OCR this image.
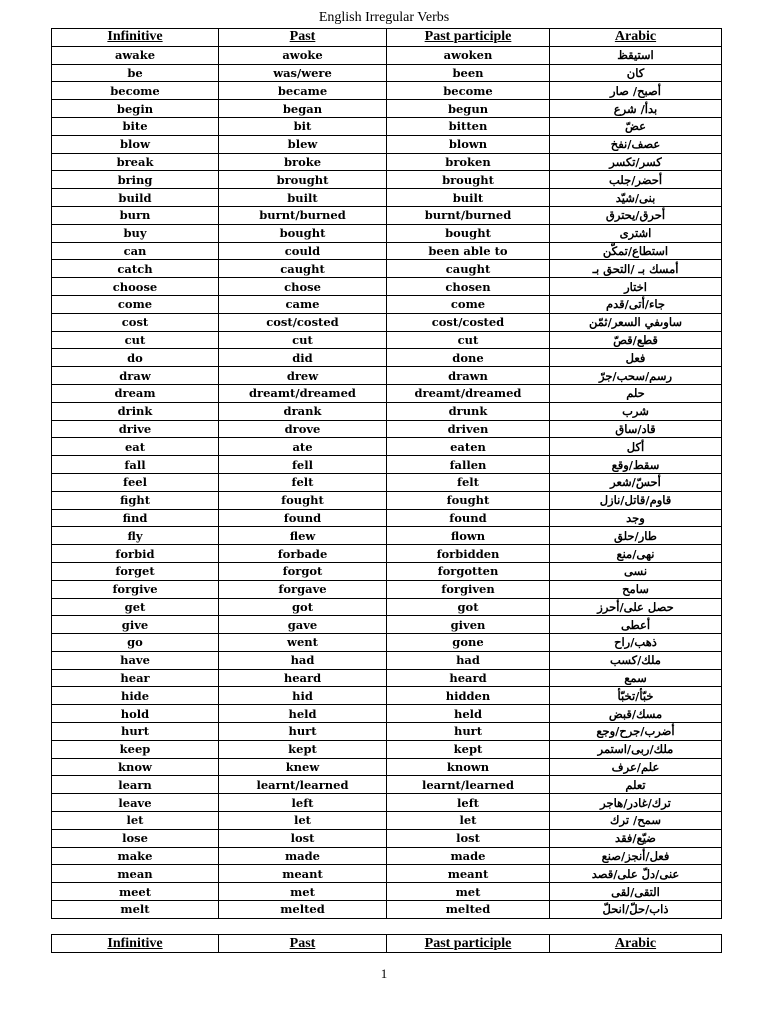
English Irregular Verbs
Infinitive	Past	Past participle	Arabic
awake	awoke	awoken	استيقظ
be	was/were	been	كان
become	became	become	أصبح/ صار
begin	began	begun	بدأ/ شرع
bite	bit	bitten	عضّ
blow	blew	blown	عصف/نفخ
break	broke	broken	كسر/تكسر
bring	brought	brought	أحضر/جلب
build	built	built	بنى/شيّد
burn	burnt/burned	burnt/burned	أحرق/يحترق
buy	bought	bought	اشترى
can	could	been able to	استطاع/تمكّن
catch	caught	caught	أمسك بـ /التحق بـ
choose	chose	chosen	اختار
come	came	come	جاء/أتى/قدم
cost	cost/costed	cost/costed	ساوىفي السعر/ثمّن
cut	cut	cut	قطع/قصّ
do	did	done	فعل
draw	drew	drawn	رسم/سحب/جرّ
dream	dreamt/dreamed	dreamt/dreamed	حلم
drink	drank	drunk	شرب
drive	drove	driven	قاد/ساق
eat	ate	eaten	أكل
fall	fell	fallen	سقط/وقع
feel	felt	felt	أحسّ/شعر
fight	fought	fought	قاوم/قاتل/نازل
find	found	found	وجد
fly	flew	flown	طار/حلق
forbid	forbade	forbidden	نهى/منع
forget	forgot	forgotten	نسى
forgive	forgave	forgiven	سامح
get	got	got	حصل على/أحرز
give	gave	given	أعطى
go	went	gone	ذهب/راح
have	had	had	ملك/كسب
hear	heard	heard	سمع
hide	hid	hidden	خبّأ/تخبّأ
hold	held	held	مسك/قبض
hurt	hurt	hurt	أضرب/جرح/وجع
keep	kept	kept	ملك/ربى/استمر
know	knew	known	علم/عرف
learn	learnt/learned	learnt/learned	تعلم
leave	left	left	ترك/غادر/هاجر
let	let	let	سمح/ ترك
lose	lost	lost	ضيّع/فقد
make	made	made	فعل/أنجز/صنع
mean	meant	meant	عنى/دلّ على/قصد
meet	met	met	التقى/لقى
melt	melted	melted	ذاب/حلّ/انحلّ
Infinitive	Past	Past participle	Arabic
1
